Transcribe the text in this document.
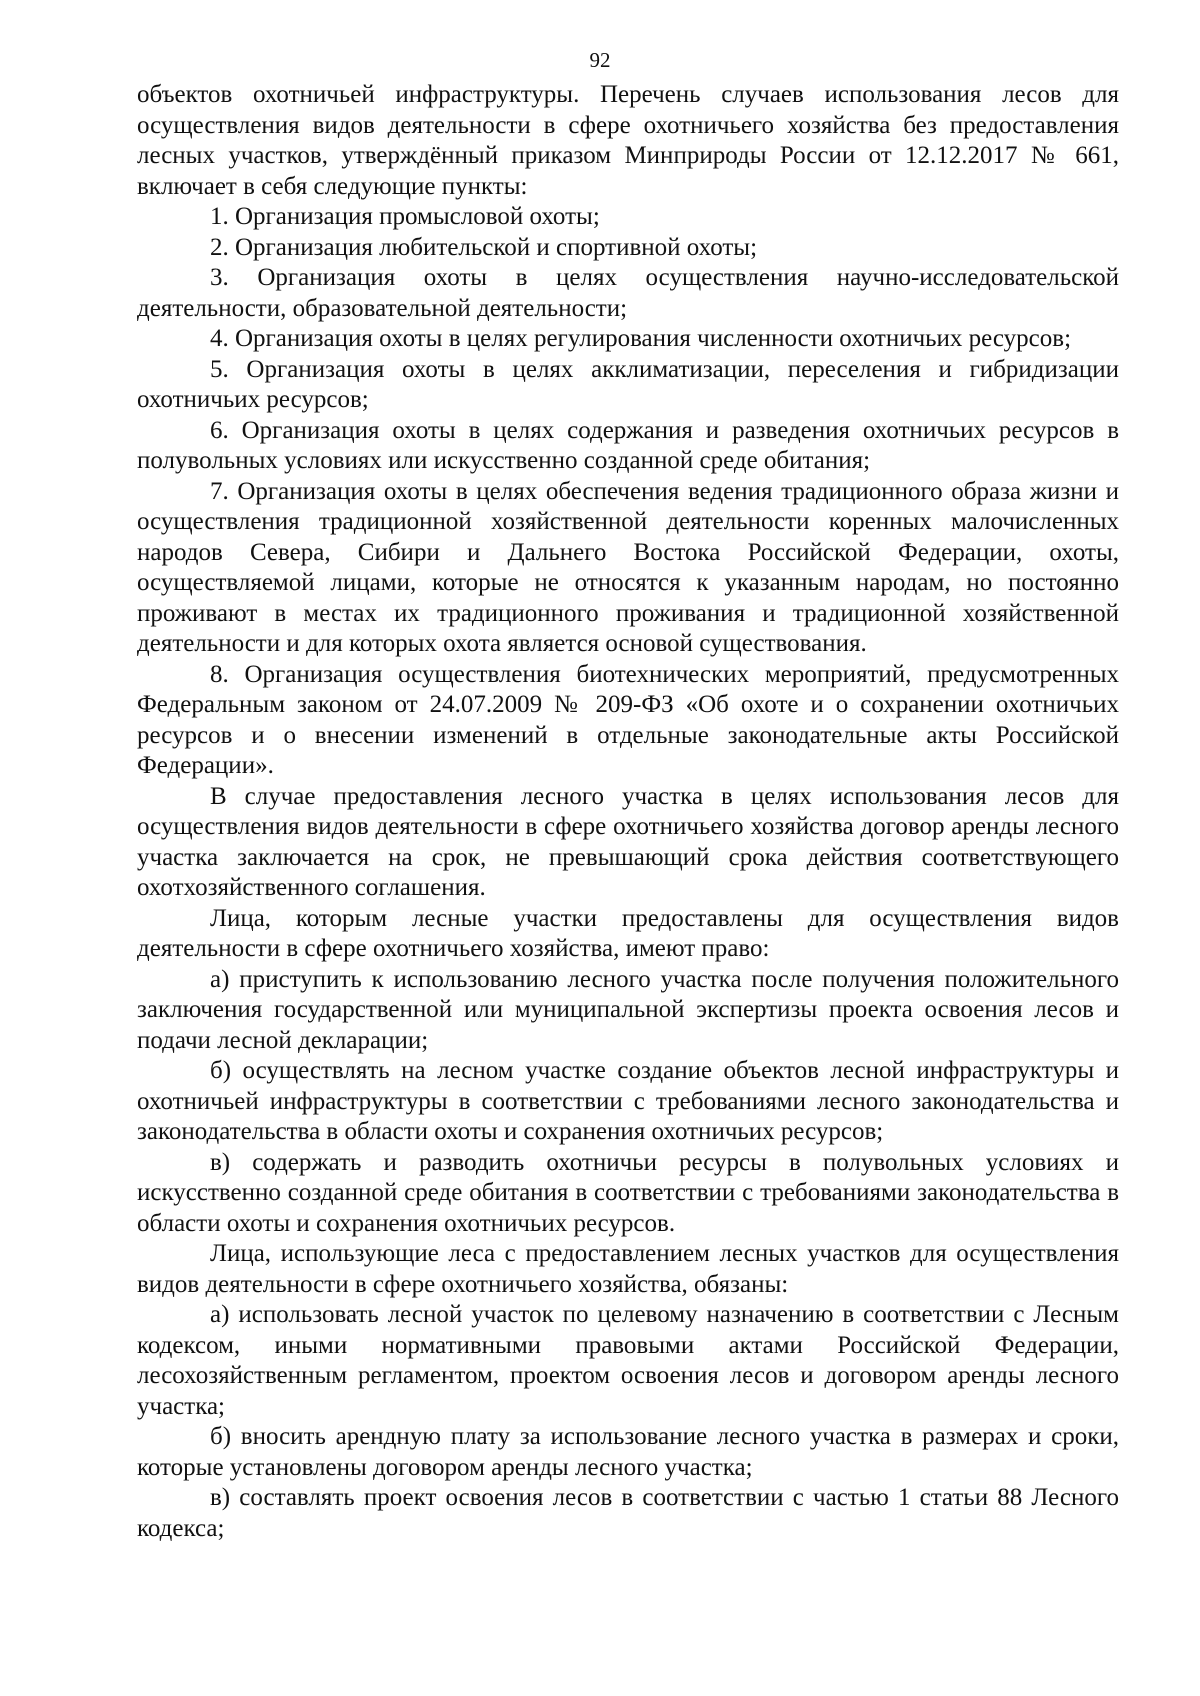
92

объектов охотничьей инфраструктуры. Перечень случаев использования лесов для осуществления видов деятельности в сфере охотничьего хозяйства без предоставления лесных участков, утверждённый приказом Минприроды России от 12.12.2017 № 661, включает в себя следующие пункты:

1. Организация промысловой охоты;

2. Организация любительской и спортивной охоты;

3. Организация охоты в целях осуществления научно-исследовательской деятельности, образовательной деятельности;

4. Организация охоты в целях регулирования численности охотничьих ресурсов;

5. Организация охоты в целях акклиматизации, переселения и гибридизации охотничьих ресурсов;

6. Организация охоты в целях содержания и разведения охотничьих ресурсов в полувольных условиях или искусственно созданной среде обитания;

7. Организация охоты в целях обеспечения ведения традиционного образа жизни и осуществления традиционной хозяйственной деятельности коренных малочисленных народов Севера, Сибири и Дальнего Востока Российской Федерации, охоты, осуществляемой лицами, которые не относятся к указанным народам, но постоянно проживают в местах их традиционного проживания и традиционной хозяйственной деятельности и для которых охота является основой существования.

8. Организация осуществления биотехнических мероприятий, предусмотренных Федеральным законом от 24.07.2009 № 209-ФЗ «Об охоте и о сохранении охотничьих ресурсов и о внесении изменений в отдельные законодательные акты Российской Федерации».

В случае предоставления лесного участка в целях использования лесов для осуществления видов деятельности в сфере охотничьего хозяйства договор аренды лесного участка заключается на срок, не превышающий срока действия соответствующего охотхозяйственного соглашения.

Лица, которым лесные участки предоставлены для осуществления видов деятельности в сфере охотничьего хозяйства, имеют право:

а) приступить к использованию лесного участка после получения положительного заключения государственной или муниципальной экспертизы проекта освоения лесов и подачи лесной декларации;

б) осуществлять на лесном участке создание объектов лесной инфраструктуры и охотничьей инфраструктуры в соответствии с требованиями лесного законодательства и законодательства в области охоты и сохранения охотничьих ресурсов;

в) содержать и разводить охотничьи ресурсы в полувольных условиях и искусственно созданной среде обитания в соответствии с требованиями законодательства в области охоты и сохранения охотничьих ресурсов.

Лица, использующие леса с предоставлением лесных участков для осуществления видов деятельности в сфере охотничьего хозяйства, обязаны:

а) использовать лесной участок по целевому назначению в соответствии с Лесным кодексом, иными нормативными правовыми актами Российской Федерации, лесохозяйственным регламентом, проектом освоения лесов и договором аренды лесного участка;

б) вносить арендную плату за использование лесного участка в размерах и сроки, которые установлены договором аренды лесного участка;

в) составлять проект освоения лесов в соответствии с частью 1 статьи 88 Лесного кодекса;
